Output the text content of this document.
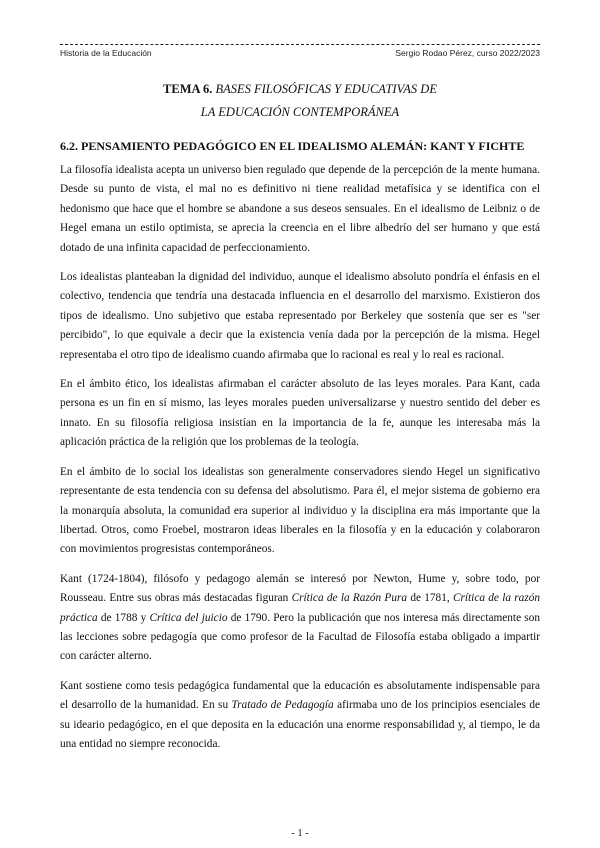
Historia de la Educación	Sergio Rodao Pérez, curso 2022/2023
TEMA 6. BASES FILOSÓFICAS Y EDUCATIVAS DE
LA EDUCACIÓN CONTEMPORÁNEA
6.2. PENSAMIENTO PEDAGÓGICO EN EL IDEALISMO ALEMÁN: KANT Y FICHTE

La filosofía idealista acepta un universo bien regulado que depende de la percepción de la mente humana. Desde su punto de vista, el mal no es definitivo ni tiene realidad metafísica y se identifica con el hedonismo que hace que el hombre se abandone a sus deseos sensuales. En el idealismo de Leibniz o de Hegel emana un estilo optimista, se aprecia la creencia en el libre albedrío del ser humano y que está dotado de una infinita capacidad de perfeccionamiento.

Los idealistas planteaban la dignidad del individuo, aunque el idealismo absoluto pondría el énfasis en el colectivo, tendencia que tendría una destacada influencia en el desarrollo del marxismo. Existieron dos tipos de idealismo. Uno subjetivo que estaba representado por Berkeley que sostenía que ser es "ser percibido", lo que equivale a decir que la existencia venía dada por la percepción de la misma. Hegel representaba el otro tipo de idealismo cuando afirmaba que lo racional es real y lo real es racional.

En el ámbito ético, los idealistas afirmaban el carácter absoluto de las leyes morales. Para Kant, cada persona es un fin en sí mismo, las leyes morales pueden universalizarse y nuestro sentido del deber es innato. En su filosofía religiosa insistían en la importancia de la fe, aunque les interesaba más la aplicación práctica de la religión que los problemas de la teología.

En el ámbito de lo social los idealistas son generalmente conservadores siendo Hegel un significativo representante de esta tendencia con su defensa del absolutismo. Para él, el mejor sistema de gobierno era la monarquía absoluta, la comunidad era superior al individuo y la disciplina era más importante que la libertad. Otros, como Froebel, mostraron ideas liberales en la filosofía y en la educación y colaboraron con movimientos progresistas contemporáneos.

Kant (1724-1804), filósofo y pedagogo alemán se interesó por Newton, Hume y, sobre todo, por Rousseau. Entre sus obras más destacadas figuran Crítica de la Razón Pura de 1781, Crítica de la razón práctica de 1788 y Crítica del juicio de 1790. Pero la publicación que nos interesa más directamente son las lecciones sobre pedagogía que como profesor de la Facultad de Filosofía estaba obligado a impartir con carácter alterno.

Kant sostiene como tesis pedagógica fundamental que la educación es absolutamente indispensable para el desarrollo de la humanidad. En su Tratado de Pedagogía afirmaba uno de los principios esenciales de su ideario pedagógico, en el que deposita en la educación una enorme responsabilidad y, al tiempo, le da una entidad no siempre reconocida.

- 1 -
